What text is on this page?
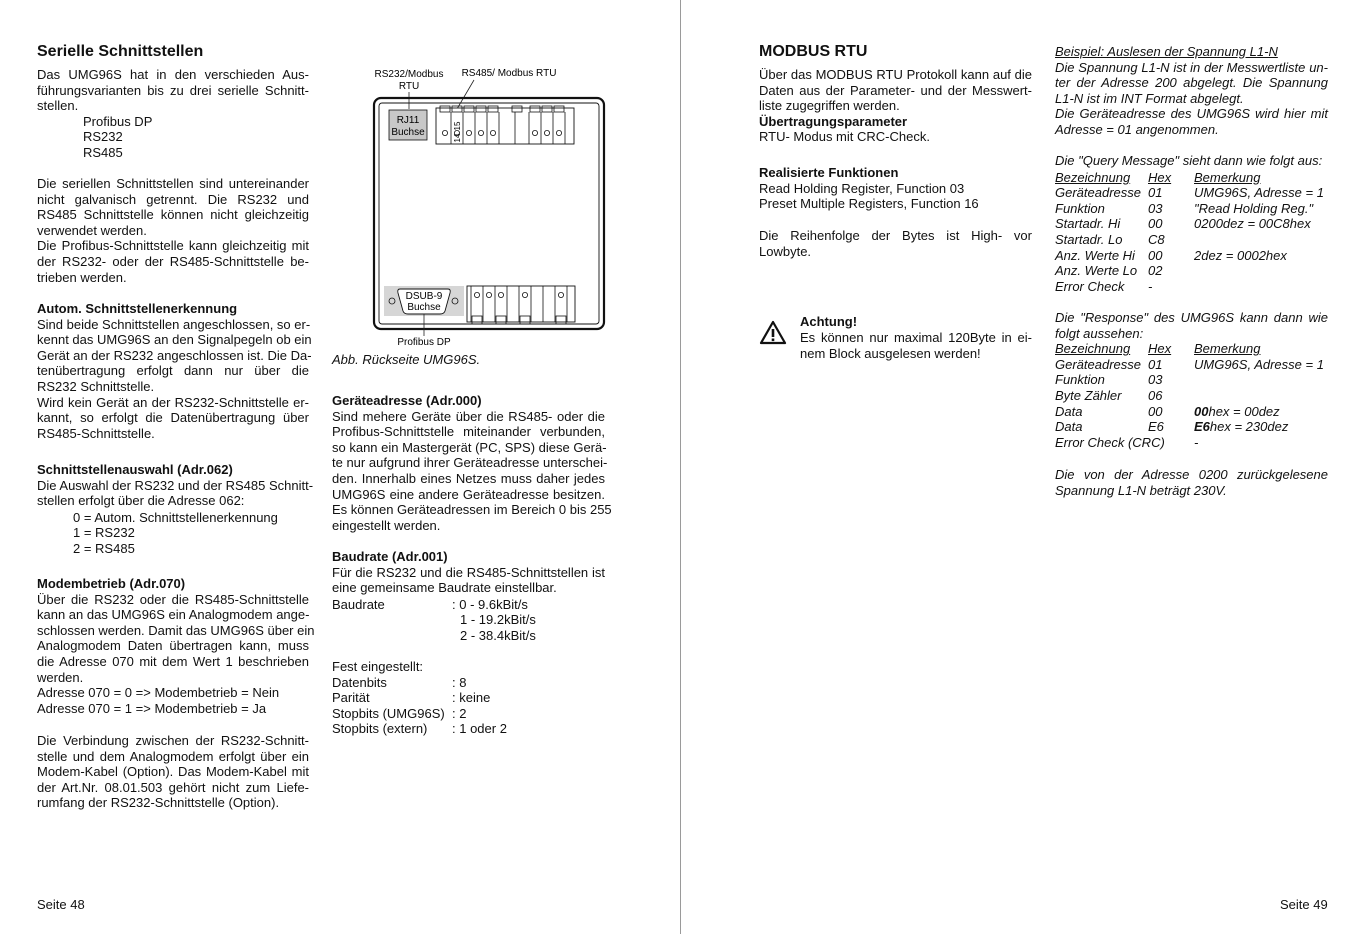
Serielle Schnittstellen
Das UMG96S hat in den verschieden Aus-
führungsvarianten bis zu drei serielle Schnitt-
stellen.
Profibus DP
RS232
RS485
Die seriellen Schnittstellen sind untereinander
nicht galvanisch getrennt. Die RS232 und
RS485 Schnittstelle können nicht gleichzeitig
verwendet werden.
Die Profibus-Schnittstelle kann gleichzeitig mit
der RS232- oder der RS485-Schnittstelle be-
trieben werden.
Autom. Schnittstellenerkennung
Sind beide Schnittstellen angeschlossen, so er-
kennt das UMG96S an den Signalpegeln ob ein
Gerät an der RS232 angeschlossen ist. Die Da-
tenübertragung erfolgt dann nur über die
RS232 Schnittstelle.
Wird kein Gerät an der RS232-Schnittstelle er-
kannt, so erfolgt die Datenübertragung über
RS485-Schnittstelle.
Schnittstellenauswahl (Adr.062)
Die Auswahl der RS232 und der RS485 Schnitt-
stellen erfolgt über die Adresse 062:
0 = Autom. Schnittstellenerkennung
1 = RS232
2 = RS485
Modembetrieb (Adr.070)
Über die RS232 oder die RS485-Schnittstelle
kann an das UMG96S ein Analogmodem ange-
schlossen werden. Damit das UMG96S über ein
Analogmodem Daten übertragen kann, muss
die Adresse 070 mit dem Wert 1 beschrieben
werden.
Adresse 070 = 0 => Modembetrieb = Nein
Adresse 070 = 1 => Modembetrieb = Ja
Die Verbindung zwischen der RS232-Schnitt-
stelle und dem Analogmodem erfolgt über ein
Modem-Kabel (Option). Das Modem-Kabel mit
der Art.Nr. 08.01.503 gehört nicht zum Liefe-
rumfang der RS232-Schnittstelle (Option).
Seite 48
RS232/Modbus
RTU
RS485/ Modbus RTU
RJ11
Buchse
15
14
DSUB-9
Buchse
Profibus DP
Abb. Rückseite UMG96S.
Geräteadresse (Adr.000)
Sind mehere Geräte über die RS485- oder die
Profibus-Schnittstelle miteinander verbunden,
so kann ein Mastergerät (PC, SPS) diese Gerä-
te nur aufgrund ihrer Geräteadresse unterschei-
den. Innerhalb eines Netzes muss daher jedes
UMG96S eine andere Geräteadresse besitzen.
Es können Geräteadressen im Bereich 0 bis 255
eingestellt werden.
Baudrate (Adr.001)
Für die RS232 und die RS485-Schnittstellen ist
eine gemeinsame Baudrate einstellbar.
Baudrate	: 0 - 9.6kBit/s
1 - 19.2kBit/s
2 - 38.4kBit/s
Fest eingestellt:
Datenbits	: 8
Parität	: keine
Stopbits (UMG96S) : 2
Stopbits (extern) : 1 oder 2
MODBUS RTU
Über das MODBUS RTU Protokoll kann auf die
Daten aus der Parameter- und der Messwert-
liste zugegriffen werden.
Übertragungsparameter
RTU- Modus mit CRC-Check.
Realisierte Funktionen
Read Holding Register, Function 03
Preset Multiple Registers, Function 16
Die Reihenfolge der Bytes ist High- vor
Lowbyte.
Achtung!
Es können nur maximal 120Byte in ei-
nem Block ausgelesen werden!
Beispiel: Auslesen der Spannung L1-N
Die Spannung L1-N ist in der Messwertliste un-
ter der Adresse 200 abgelegt. Die Spannung
L1-N ist im INT Format abgelegt.
Die Geräteadresse des UMG96S wird hier mit
Adresse = 01 angenommen.
Die "Query Message" sieht dann wie folgt aus:
Bezeichnung Hex Bemerkung
Geräteadresse 01 UMG96S, Adresse = 1
Funktion	03 "Read Holding Reg."
Startadr. Hi 00 0200dez = 00C8hex
Startadr. Lo C8
Anz. Werte Hi 00 2dez = 0002hex
Anz. Werte Lo 02
Error Check -
Die "Response" des UMG96S kann dann wie
folgt aussehen:
Bezeichnung Hex Bemerkung
Geräteadresse 01 UMG96S, Adresse = 1
Funktion	03
Byte Zähler 06
Data	00 00hex = 00dez
Data	E6 E6hex = 230dez
Error Check (CRC) -
Die von der Adresse 0200 zurückgelesene
Spannung L1-N beträgt 230V.
Seite 49
